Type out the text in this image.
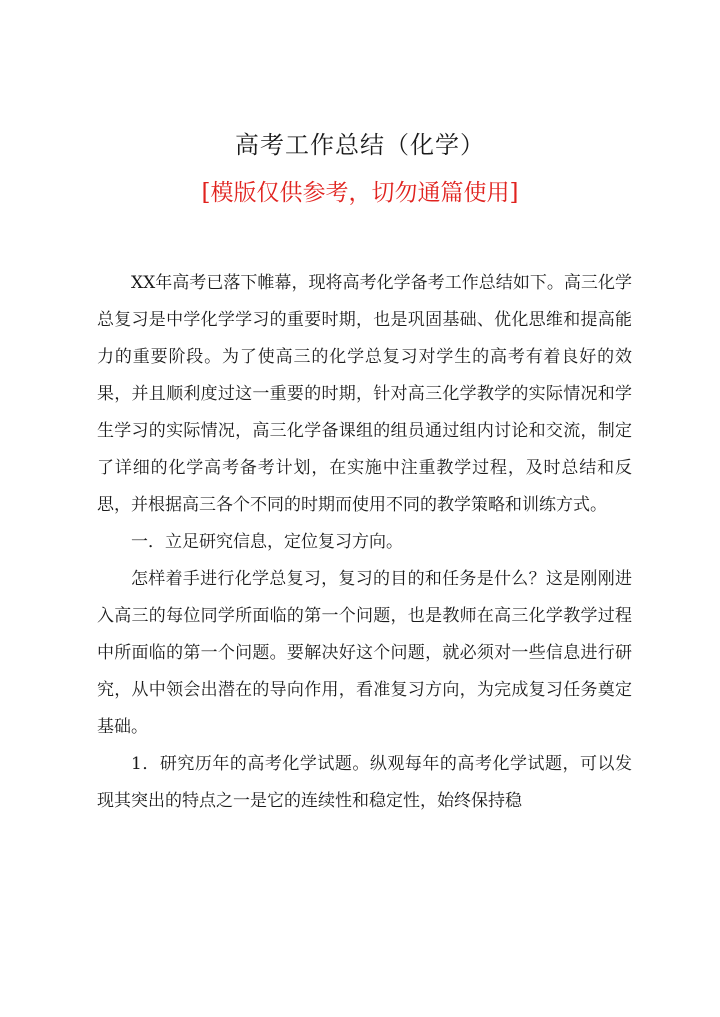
高考工作总结（化学）
[模版仅供参考，切勿通篇使用]

XX年高考已落下帷幕，现将高考化学备考工作总结如下。高三化学总复习是中学化学学习的重要时期，也是巩固基础、优化思维和提高能力的重要阶段。为了使高三的化学总复习对学生的高考有着良好的效果，并且顺利度过这一重要的时期，针对高三化学教学的实际情况和学生学习的实际情况，高三化学备课组的组员通过组内讨论和交流，制定了详细的化学高考备考计划，在实施中注重教学过程，及时总结和反思，并根据高三各个不同的时期而使用不同的教学策略和训练方式。

一．立足研究信息，定位复习方向。

怎样着手进行化学总复习，复习的目的和任务是什么？这是刚刚进入高三的每位同学所面临的第一个问题，也是教师在高三化学教学过程中所面临的第一个问题。要解决好这个问题，就必须对一些信息进行研究，从中领会出潜在的导向作用，看准复习方向，为完成复习任务奠定基础。

1．研究历年的高考化学试题。纵观每年的高考化学试题，可以发现其突出的特点之一是它的连续性和稳定性，始终保持稳
